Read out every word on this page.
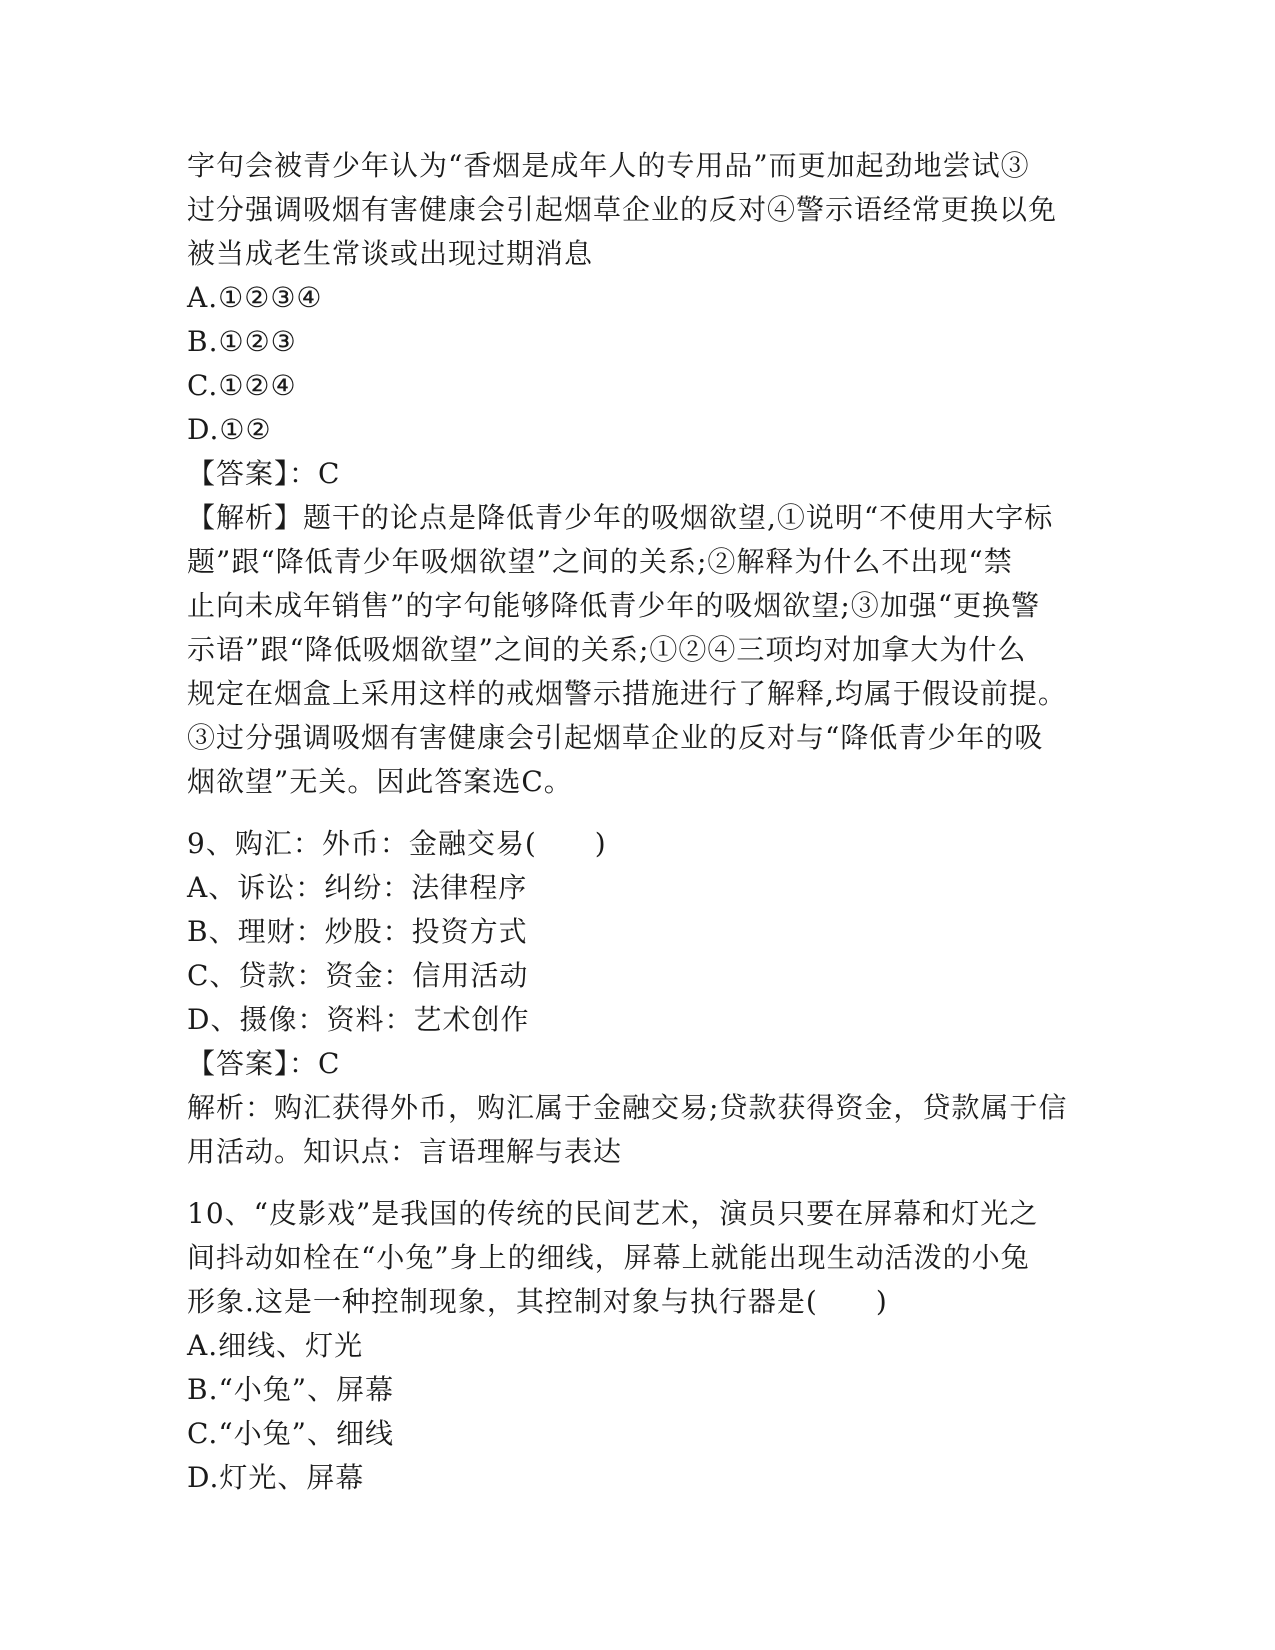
字句会被青少年认为“香烟是成年人的专用品”而更加起劲地尝试③
过分强调吸烟有害健康会引起烟草企业的反对④警示语经常更换以免
被当成老生常谈或出现过期消息
A.①②③④
B.①②③
C.①②④
D.①②
【答案】：C
【解析】题干的论点是降低青少年的吸烟欲望,①说明“不使用大字标
题”跟“降低青少年吸烟欲望”之间的关系;②解释为什么不出现“禁
止向未成年销售”的字句能够降低青少年的吸烟欲望;③加强“更换警
示语”跟“降低吸烟欲望”之间的关系;①②④三项均对加拿大为什么
规定在烟盒上采用这样的戒烟警示措施进行了解释,均属于假设前提。
③过分强调吸烟有害健康会引起烟草企业的反对与“降低青少年的吸
烟欲望”无关。因此答案选C。
9、购汇：外币：金融交易(　　)
A、诉讼：纠纷：法律程序
B、理财：炒股：投资方式
C、贷款：资金：信用活动
D、摄像：资料：艺术创作
【答案】：C
解析：购汇获得外币，购汇属于金融交易;贷款获得资金，贷款属于信
用活动。知识点：言语理解与表达
10、“皮影戏”是我国的传统的民间艺术，演员只要在屏幕和灯光之
间抖动如栓在“小兔”身上的细线，屏幕上就能出现生动活泼的小兔
形象.这是一种控制现象，其控制对象与执行器是(　　)
A.细线、灯光
B.“小兔”、屏幕
C.“小兔”、细线
D.灯光、屏幕
